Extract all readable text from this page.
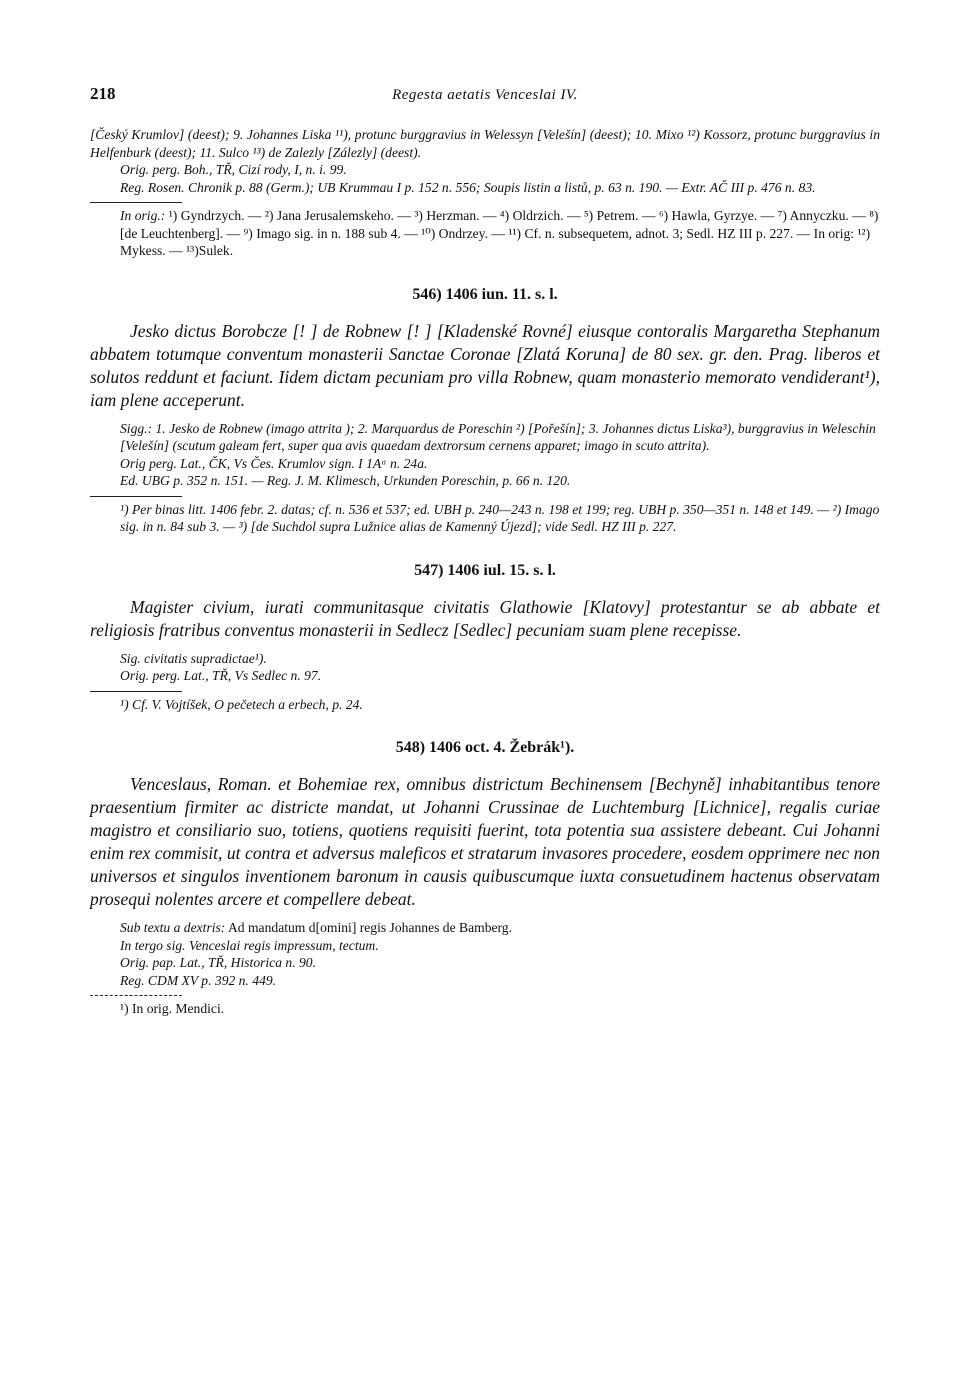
218	Regesta aetatis Venceslai IV.

[Český Krumlov] (deest); 9. Johannes Liska ¹¹), protunc burggravius in Welessyn [Velešín] (deest); 10. Mixo ¹²) Kossorz, protunc burggravius in Helfenburk (deest); 11. Sulco ¹³) de Zalezly [Zálezly] (deest).

Orig. perg. Boh., TŘ, Cizí rody, I, n. i. 99.

Reg. Rosen. Chronik p. 88 (Germ.); UB Krummau I p. 152 n. 556; Soupis listin a listů, p. 63 n. 190. — Extr. AČ III p. 476 n. 83.

In orig.: ¹) Gyndrzych. — ²) Jana Jerusalemskeho. — ³) Herzman. — ⁴) Oldrzich. — ⁵) Petrem. — ⁶) Hawla, Gyrzye. — ⁷) Annyczku. — ⁸) [de Leuchtenberg]. — ⁹) Imago sig. in n. 188 sub 4. — ¹⁰) Ondrzey. — ¹¹) Cf. n. subsequetem, adnot. 3; Sedl. HZ III p. 227. — In orig: ¹²) Mykess. — ¹³)Sulek.

546) 1406 iun. 11. s. l.

Jesko dictus Borobcze [! ] de Robnew [! ] [Kladenské Rovné] eiusque contoralis Margaretha Stephanum abbatem totumque conventum monasterii Sanctae Coronae [Zlatá Koruna] de 80 sex. gr. den. Prag. liberos et solutos reddunt et faciunt. Iidem dictam pecuniam pro villa Robnew, quam monasterio memorato vendiderant¹), iam plene acceperunt.

Sigg.: 1. Jesko de Robnew (imago attrita ); 2. Marquardus de Poreschin ²) [Pořešín]; 3. Johannes dictus Liska³), burggravius in Weleschin [Velešín] (scutum galeam fert, super qua avis quaedam dextrorsum cernens apparet; imago in scuto attrita).

Orig perg. Lat., ČK, Vs Čes. Krumlov sign. I 1Aᵅ n. 24a.

Ed. UBG p. 352 n. 151. — Reg. J. M. Klimesch, Urkunden Poreschin, p. 66 n. 120.

¹) Per binas litt. 1406 febr. 2. datas; cf. n. 536 et 537; ed. UBH p. 240—243 n. 198 et 199; reg. UBH p. 350—351 n. 148 et 149. — ²) Imago sig. in n. 84 sub 3. — ³) [de Suchdol supra Lužnice alias de Kamenný Újezd]; vide Sedl. HZ III p. 227.

547) 1406 iul. 15. s. l.

Magister civium, iurati communitasque civitatis Glathowie [Klatovy] protestantur se ab abbate et religiosis fratribus conventus monasterii in Sedlecz [Sedlec] pecuniam suam plene recepisse.

Sig. civitatis supradictae¹).

Orig. perg. Lat., TŘ, Vs Sedlec n. 97.

¹) Cf. V. Vojtíšek, O pečetech a erbech, p. 24.

548) 1406 oct. 4. Žebrák¹).

Venceslaus, Roman. et Bohemiae rex, omnibus districtum Bechinensem [Bechyně] inhabitantibus tenore praesentium firmiter ac districte mandat, ut Johanni Crussinae de Luchtemburg [Lichnice], regalis curiae magistro et consiliario suo, totiens, quotiens requisiti fuerint, tota potentia sua assistere debeant. Cui Johanni enim rex commisit, ut contra et adversus maleficos et stratarum invasores procedere, eosdem opprimere nec non universos et singulos inventionem baronum in causis quibuscumque iuxta consuetudinem hactenus observatam prosequi nolentes arcere et compellere debeat.

Sub textu a dextris: Ad mandatum d[omini] regis Johannes de Bamberg.

In tergo sig. Venceslai regis impressum, tectum.

Orig. pap. Lat., TŘ, Historica n. 90.

Reg. CDM XV p. 392 n. 449.

¹) In orig. Mendici.
